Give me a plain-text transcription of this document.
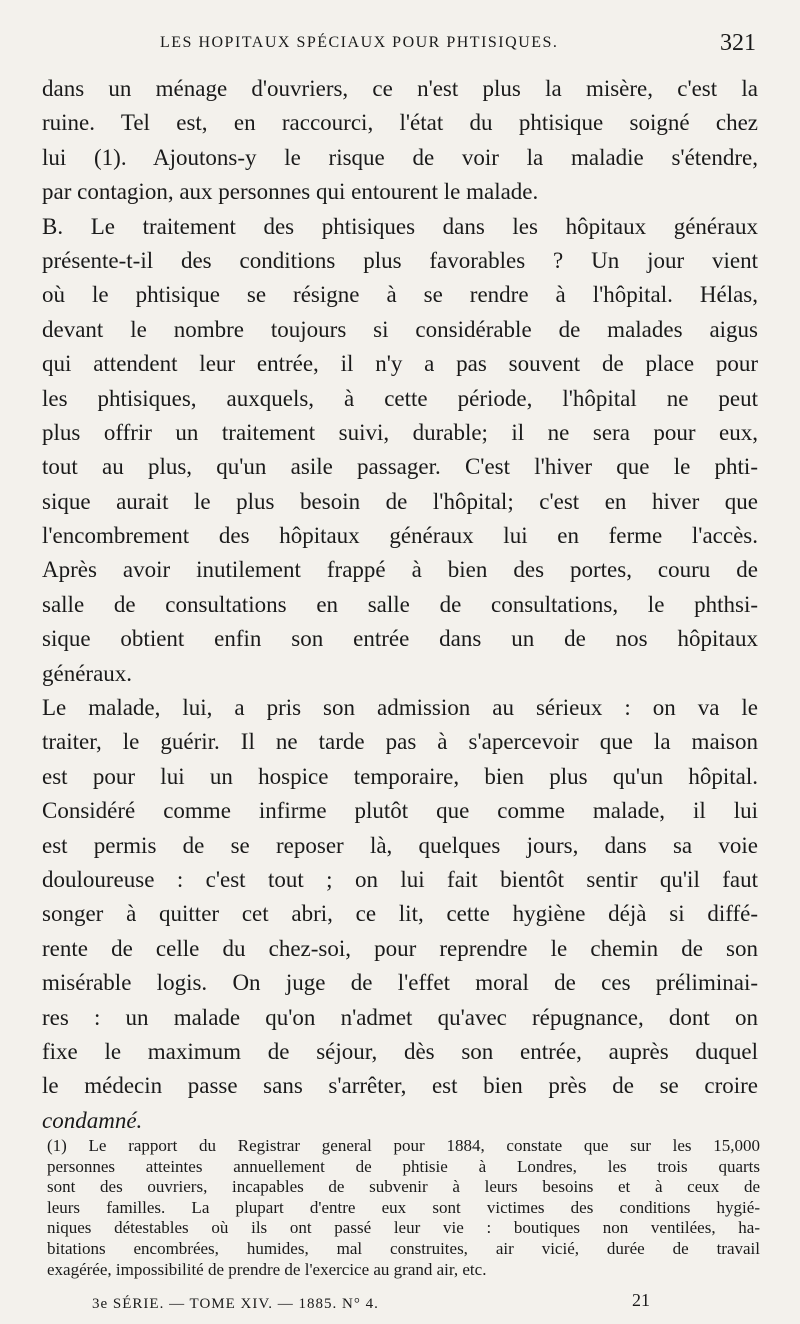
LES HOPITAUX SPÉCIAUX POUR PHTISIQUES.	321
dans un ménage d'ouvriers, ce n'est plus la misère, c'est la
ruine. Tel est, en raccourci, l'état du phtisique soigné chez
lui (1). Ajoutons-y le risque de voir la maladie s'étendre,
par contagion, aux personnes qui entourent le malade.
B. Le traitement des phtisiques dans les hôpitaux généraux
présente-t-il des conditions plus favorables ? Un jour vient
où le phtisique se résigne à se rendre à l'hôpital. Hélas,
devant le nombre toujours si considérable de malades aigus
qui attendent leur entrée, il n'y a pas souvent de place pour
les phtisiques, auxquels, à cette période, l'hôpital ne peut
plus offrir un traitement suivi, durable; il ne sera pour eux,
tout au plus, qu'un asile passager. C'est l'hiver que le phti-
sique aurait le plus besoin de l'hôpital; c'est en hiver que
l'encombrement des hôpitaux généraux lui en ferme l'accès.
Après avoir inutilement frappé à bien des portes, couru de
salle de consultations en salle de consultations, le phthsi-
sique obtient enfin son entrée dans un de nos hôpitaux
généraux.
Le malade, lui, a pris son admission au sérieux : on va le
traiter, le guérir. Il ne tarde pas à s'apercevoir que la maison
est pour lui un hospice temporaire, bien plus qu'un hôpital.
Considéré comme infirme plutôt que comme malade, il lui
est permis de se reposer là, quelques jours, dans sa voie
douloureuse : c'est tout ; on lui fait bientôt sentir qu'il faut
songer à quitter cet abri, ce lit, cette hygiène déjà si diffé-
rente de celle du chez-soi, pour reprendre le chemin de son
misérable logis. On juge de l'effet moral de ces préliminai-
res : un malade qu'on n'admet qu'avec répugnance, dont on
fixe le maximum de séjour, dès son entrée, auprès duquel
le médecin passe sans s'arrêter, est bien près de se croire
condamné.
(1) Le rapport du Registrar general pour 1884, constate que sur les 15,000
personnes atteintes annuellement de phtisie à Londres, les trois quarts
sont des ouvriers, incapables de subvenir à leurs besoins et à ceux de
leurs familles. La plupart d'entre eux sont victimes des conditions hygié-
niques détestables où ils ont passé leur vie : boutiques non ventilées, ha-
bitations encombrées, humides, mal construites, air vicié, durée de travail
exagérée, impossibilité de prendre de l'exercice au grand air, etc.
3e SÉRIE. — TOME XIV. — 1885. N° 4.	21
